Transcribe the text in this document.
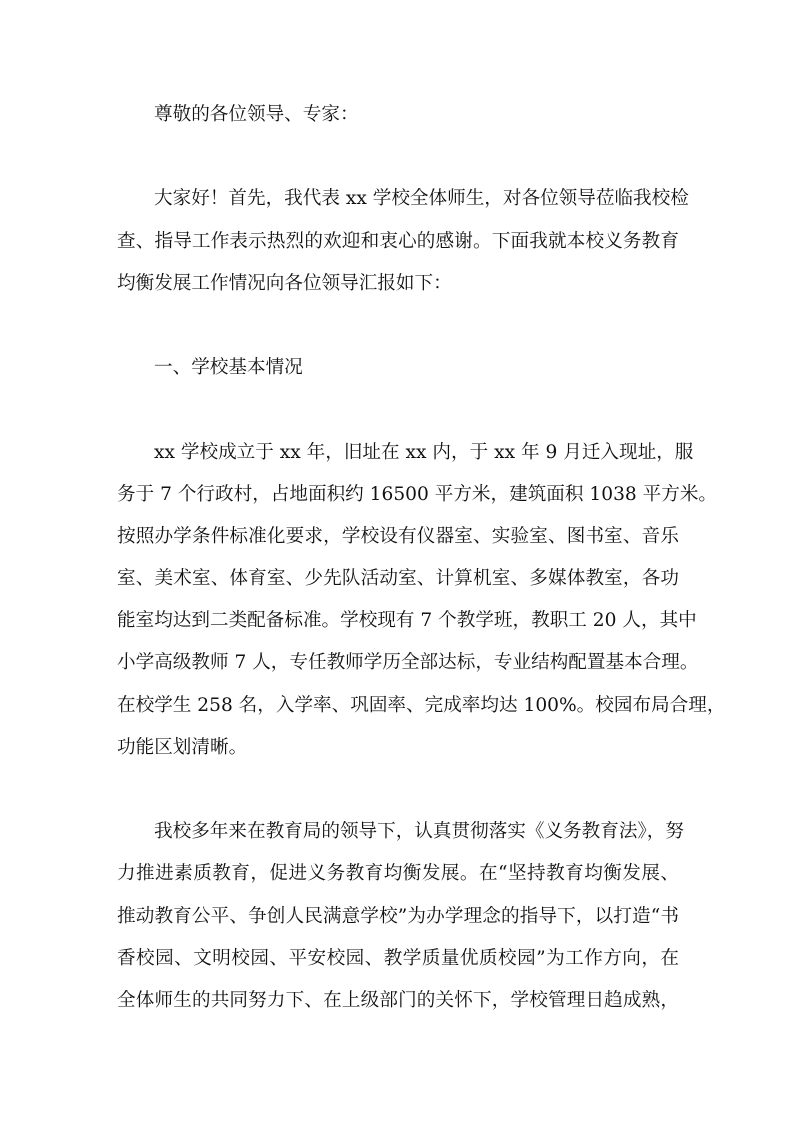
尊敬的各位领导、专家：
大家好！首先，我代表 xx 学校全体师生，对各位领导莅临我校检
查、指导工作表示热烈的欢迎和衷心的感谢。下面我就本校义务教育
均衡发展工作情况向各位领导汇报如下：
一、学校基本情况
xx 学校成立于 xx 年，旧址在 xx 内，于 xx 年 9 月迁入现址，服
务于 7 个行政村，占地面积约 16500 平方米，建筑面积 1038 平方米。
按照办学条件标准化要求，学校设有仪器室、实验室、图书室、音乐
室、美术室、体育室、少先队活动室、计算机室、多媒体教室，各功
能室均达到二类配备标准。学校现有 7 个教学班，教职工 20 人，其中
小学高级教师 7 人，专任教师学历全部达标，专业结构配置基本合理。
在校学生 258 名，入学率、巩固率、完成率均达 100%。校园布局合理，
功能区划清晰。
我校多年来在教育局的领导下，认真贯彻落实《义务教育法》，努
力推进素质教育，促进义务教育均衡发展。在“坚持教育均衡发展、
推动教育公平、争创人民满意学校”为办学理念的指导下，以打造“书
香校园、文明校园、平安校园、教学质量优质校园”为工作方向，在
全体师生的共同努力下、在上级部门的关怀下，学校管理日趋成熟，
